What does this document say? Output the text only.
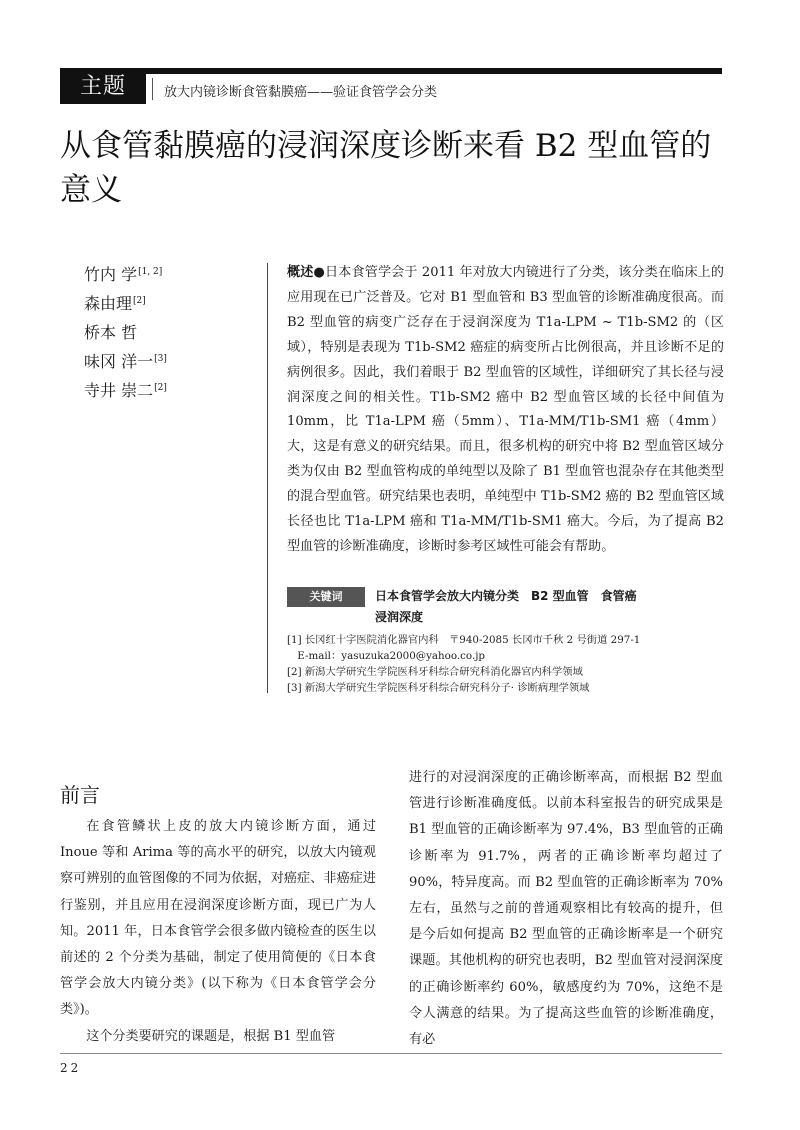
主题	放大内镜诊断食管黏膜癌——验证食管学会分类
从食管黏膜癌的浸润深度诊断来看 B2 型血管的意义
竹内 学[1, 2]
森由理[2]
桥本 哲
味冈 洋一[3]
寺井 崇二[2]

概述●日本食管学会于 2011 年对放大内镜进行了分类，该分类在临床上的应用现在已广泛普及。它对 B1 型血管和 B3 型血管的诊断准确度很高。而 B2 型血管的病变广泛存在于浸润深度为 T1a-LPM ~ T1b-SM2 的（区域），特别是表现为 T1b-SM2 癌症的病变所占比例很高，并且诊断不足的病例很多。因此，我们着眼于 B2 型血管的区域性，详细研究了其长径与浸润深度之间的相关性。T1b-SM2 癌中 B2 型血管区域的长径中间值为 10mm，比 T1a-LPM 癌（5mm）、T1a-MM/T1b-SM1 癌（4mm）大，这是有意义的研究结果。而且，很多机构的研究中将 B2 型血管区域分类为仅由 B2 型血管构成的单纯型以及除了 B1 型血管也混杂存在其他类型的混合型血管。研究结果也表明，单纯型中 T1b-SM2 癌的 B2 型血管区域长径也比 T1a-LPM 癌和 T1a-MM/T1b-SM1 癌大。今后，为了提高 B2 型血管的诊断准确度，诊断时参考区域性可能会有帮助。

关键词	日本食管学会放大内镜分类　B2 型血管　食管癌
浸润深度
[1] 长冈红十字医院消化器官内科　〒940-2085 长冈市千秋 2 号街道 297-1
　E-mail：yasuzuka2000@yahoo.co.jp
[2] 新潟大学研究生学院医科牙科综合研究科消化器官内科学领域
[3] 新潟大学研究生学院医科牙科综合研究科分子· 诊断病理学领域
前言

在食管鳞状上皮的放大内镜诊断方面，通过 Inoue 等和 Arima 等的高水平的研究，以放大内镜观察可辨别的血管图像的不同为依据，对癌症、非癌症进行鉴别，并且应用在浸润深度诊断方面，现已广为人知。2011 年，日本食管学会很多做内镜检查的医生以前述的 2 个分类为基础，制定了使用简便的《日本食管学会放大内镜分类》(以下称为《日本食管学会分类》)。

这个分类要研究的课题是，根据 B1 型血管

进行的对浸润深度的正确诊断率高，而根据 B2 型血管进行诊断准确度低。以前本科室报告的研究成果是 B1 型血管的正确诊断率为 97.4%，B3 型血管的正确诊断率为 91.7%，两者的正确诊断率均超过了 90%，特异度高。而 B2 型血管的正确诊断率为 70%左右，虽然与之前的普通观察相比有较高的提升，但是今后如何提高 B2 型血管的正确诊断率是一个研究课题。其他机构的研究也表明，B2 型血管对浸润深度的正确诊断率约 60%，敏感度约为 70%，这绝不是令人满意的结果。为了提高这些血管的诊断准确度，有必

22
